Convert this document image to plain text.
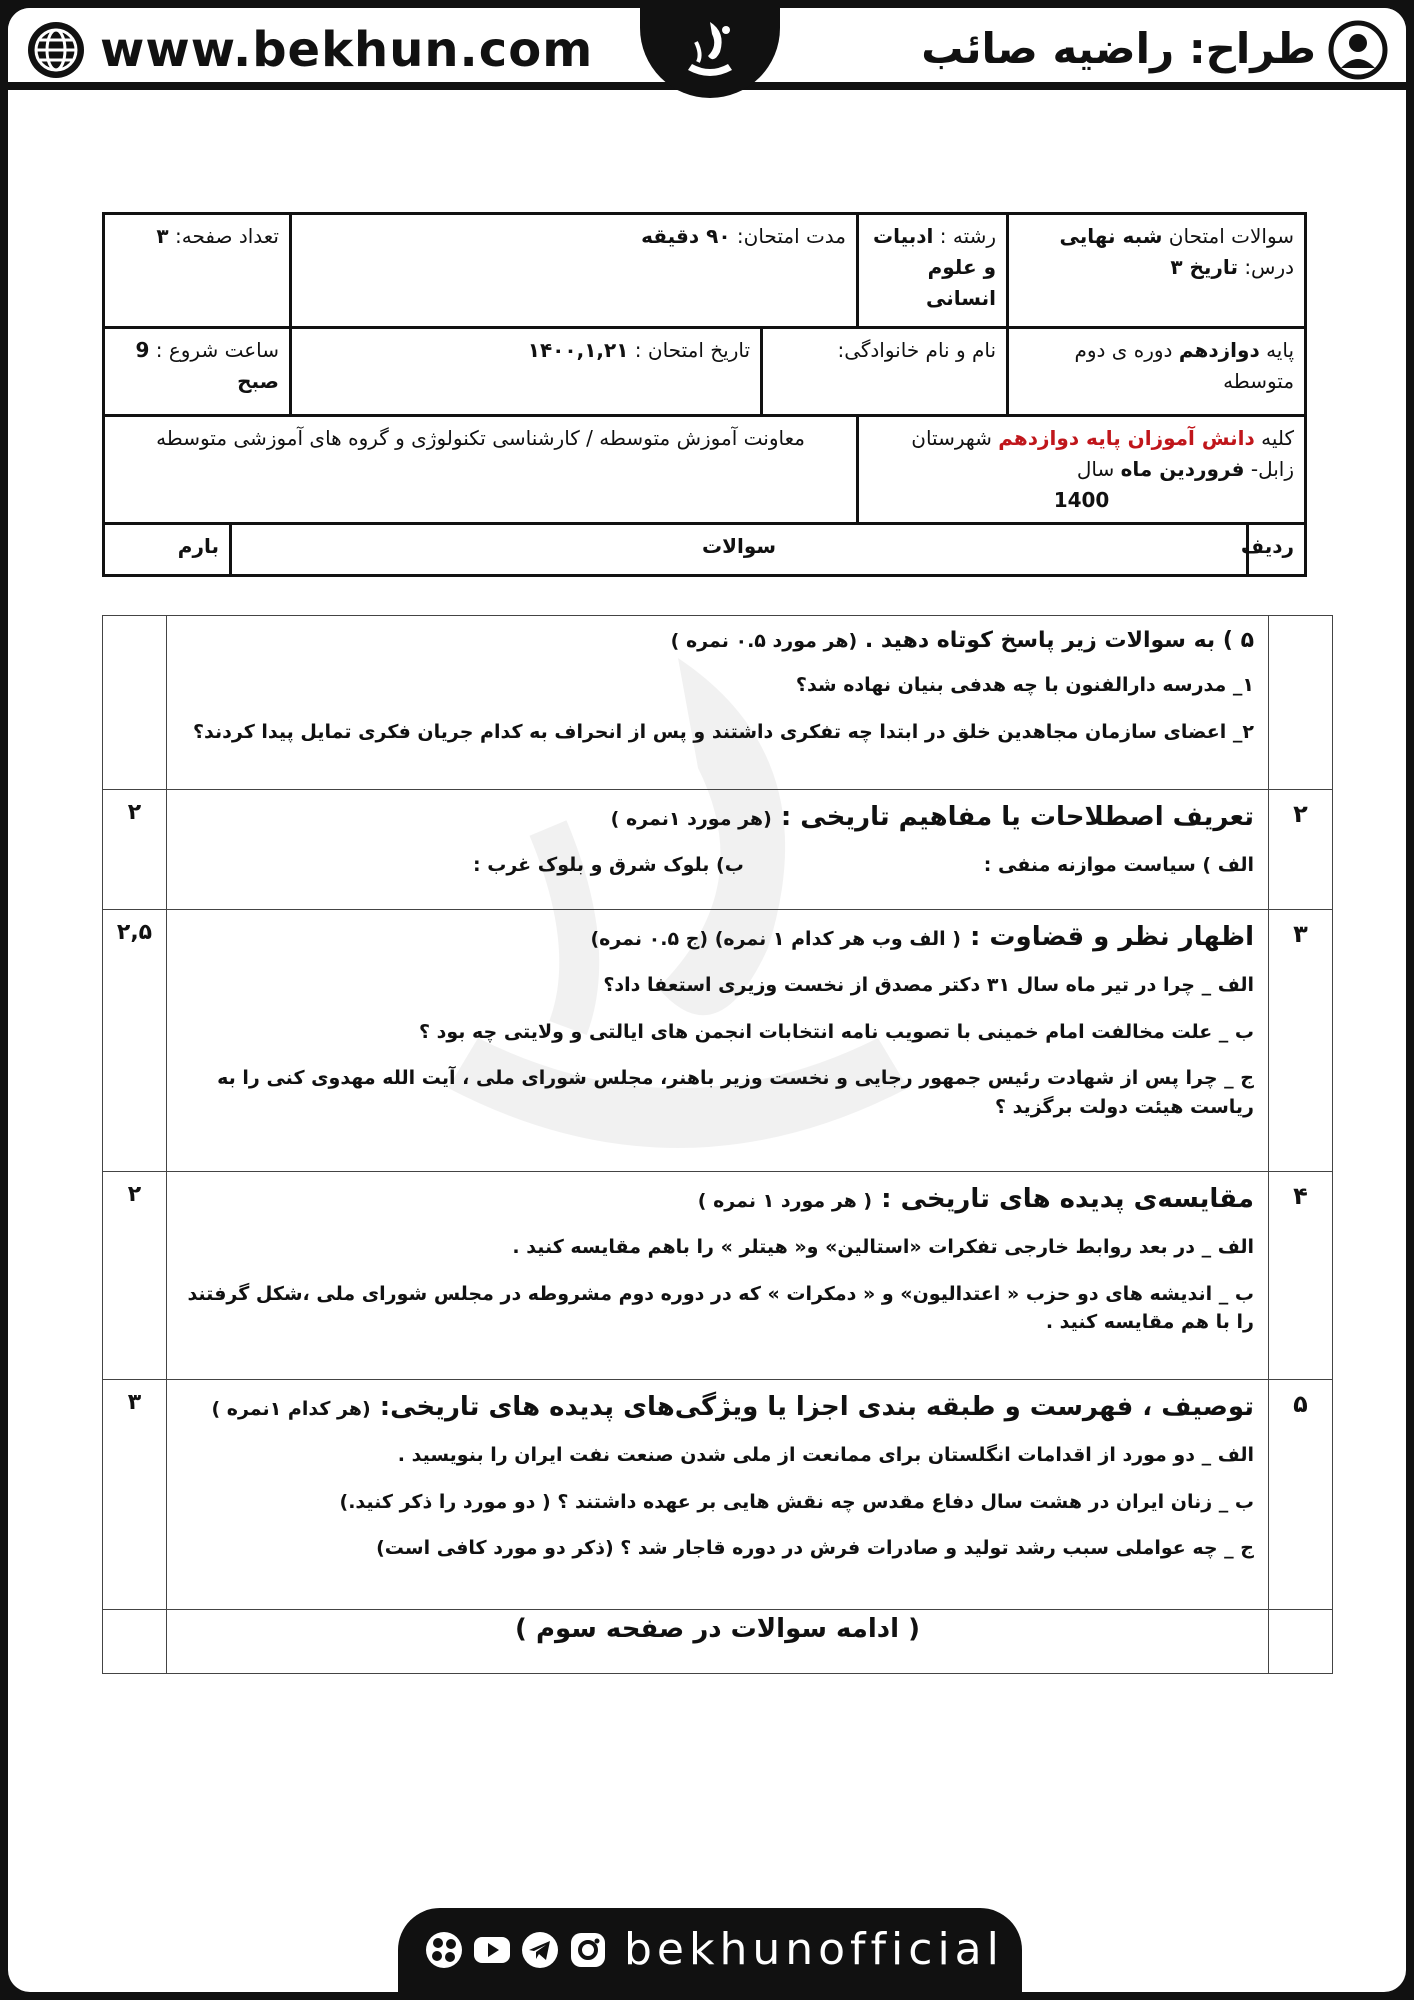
www.bekhun.com	طراح: راضیه صائب
سوالات امتحان شبه نهایی درس: تاریخ ۳		رشته : ادبیات
و علوم انسانی	مدت امتحان: ۹۰ دقیقه		تعداد صفحه: ۳	
پایه دوازدهم دوره ی دوم متوسطه		نام و نام خانوادگی:		تاریخ امتحان : ۱۴۰۰,۱,۲۱	ساعت شروع : 9 صبح	
کلیه دانش آموزان پایه دوازدهم شهرستان زابل- فروردین ماه سال

1400			معاونت آموزش متوسطه / کارشناسی تکنولوژی و گروه های آموزشی متوسطه			
ردیف	سوالات					بارم

	۵ ) به سوالات زیر پاسخ کوتاه دهید . (هر مورد ۰.۵ نمره )
۱_ مدرسه دارالفنون با چه هدفی بنیان نهاده شد؟
۲_ اعضای سازمان مجاهدین خلق در ابتدا چه تفکری داشتند و پس از انحراف به کدام جریان فکری تمایل پیدا کردند؟	

۲	تعریف اصطلاحات یا مفاهیم تاریخی : (هر مورد ۱نمره )
الف ) سیاست موازنه منفی :
ب) بلوک شرق و بلوک غرب :	۲
۳	اظهار نظر و قضاوت : ( الف وب هر کدام ۱ نمره) (ج ۰.۵ نمره)
الف _ چرا در تیر ماه سال ۳۱ دکتر مصدق از نخست وزیری استعفا داد؟
ب _ علت مخالفت امام خمینی با تصویب نامه انتخابات انجمن های ایالتی و ولایتی چه بود ؟
ج _ چرا پس از شهادت رئیس جمهور رجایی و نخست وزیر باهنر، مجلس شورای ملی ، آیت الله مهدوی کنی را به ریاست هیئت دولت برگزید ؟	۲,۵
۴	مقایسه‌ی پدیده های تاریخی : ( هر مورد ۱ نمره )
الف _ در بعد روابط خارجی تفکرات «استالین» و« هیتلر » را باهم مقایسه کنید .
ب _ اندیشه های دو حزب « اعتدالیون» و « دمکرات » که در دوره دوم مشروطه در مجلس شورای ملی ،شکل گرفتند را با هم مقایسه کنید .	۲
۵	توصیف ، فهرست و طبقه بندی اجزا یا ویژگی‌های پدیده های تاریخی: (هر کدام ۱نمره )
الف _ دو مورد از اقدامات انگلستان برای ممانعت از ملی شدن صنعت نفت ایران را بنویسید .
ب _ زنان ایران در هشت سال دفاع مقدس چه نقش هایی بر عهده داشتند ؟ ( دو مورد را ذکر کنید.)
ج _ چه عواملی سبب رشد تولید و صادرات فرش در دوره قاجار شد ؟ (ذکر دو مورد کافی است)	۳
	( ادامه سوالات در صفحه سوم )	
bekhunofficial
